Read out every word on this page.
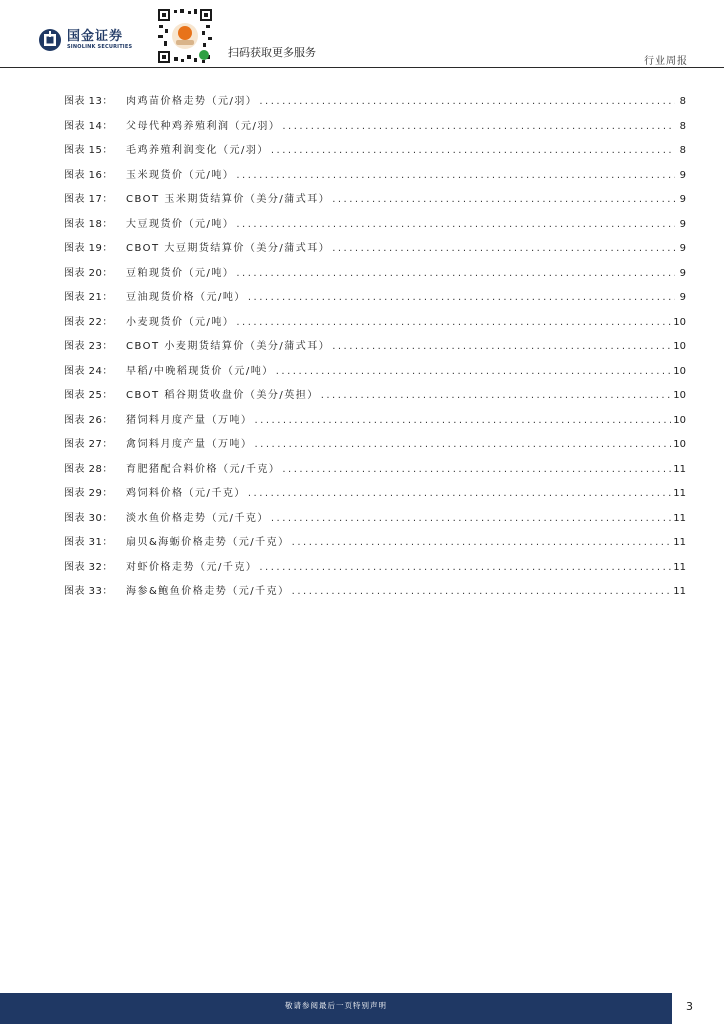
国金证券
SINOLINK SECURITIES	扫码获取更多服务
行业周报
图表 13：	肉鸡苗价格走势（元/羽） .....	8
图表 14：	父母代种鸡养殖利润（元/羽） .....	8
图表 15：	毛鸡养殖利润变化（元/羽） .....	8
图表 16：	玉米现货价（元/吨） .....	9
图表 17：	CBOT 玉米期货结算价（美分/蒲式耳） .....	9
图表 18：	大豆现货价（元/吨） .....	9
图表 19：	CBOT 大豆期货结算价（美分/蒲式耳） .....	9
图表 20：	豆粕现货价（元/吨） .....	9
图表 21：	豆油现货价格（元/吨） .....	9
图表 22：	小麦现货价（元/吨） .....	10
图表 23：	CBOT 小麦期货结算价（美分/蒲式耳） .....	10
图表 24：	早稻/中晚稻现货价（元/吨） .....	10
图表 25：	CBOT 稻谷期货收盘价（美分/英担） .....	10
图表 26：	猪饲料月度产量（万吨） .....	10
图表 27：	禽饲料月度产量（万吨） .....	10
图表 28：	育肥猪配合料价格（元/千克） .....	11
图表 29：	鸡饲料价格（元/千克） .....	11
图表 30：	淡水鱼价格走势（元/千克） .....	11
图表 31：	扇贝&海蛎价格走势（元/千克） .....	11
图表 32：	对虾价格走势（元/千克） .....	11
图表 33：	海参&鲍鱼价格走势（元/千克） .....	11
敬请参阅最后一页特别声明	3
